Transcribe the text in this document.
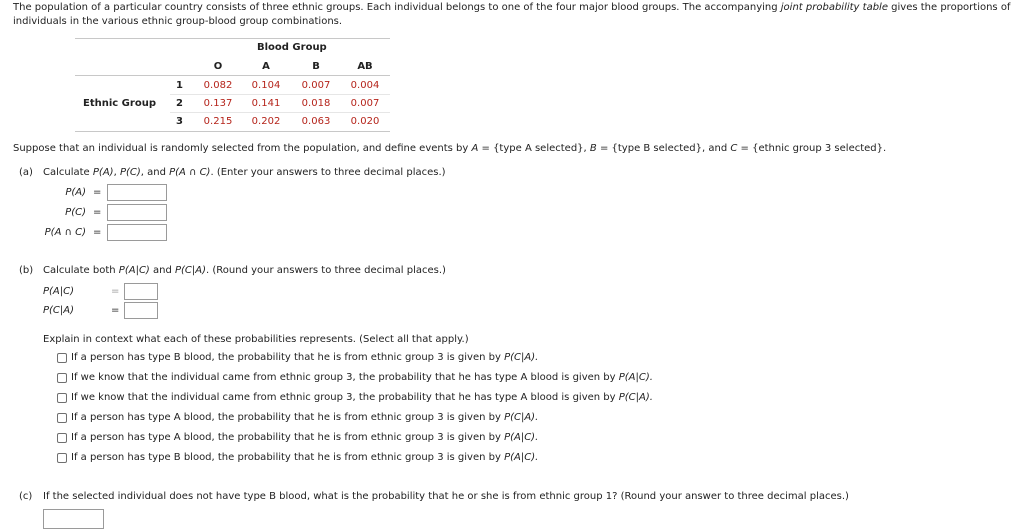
The population of a particular country consists of three ethnic groups. Each individual belongs to one of the four major blood groups. The accompanying joint probability table gives the proportions of individuals in the various ethnic group-blood group combinations.
Blood Group
O	A	B	AB
Ethnic Group
1	0.082	0.104	0.007	0.004
2	0.137	0.141	0.018	0.007
3	0.215	0.202	0.063	0.020
Suppose that an individual is randomly selected from the population, and define events by A = {type A selected}, B = {type B selected}, and C = {ethnic group 3 selected}.
(a) Calculate P(A), P(C), and P(A ∩ C). (Enter your answers to three decimal places.)
P(A) =
P(C) =
P(A ∩ C) =
(b) Calculate both P(A|C) and P(C|A). (Round your answers to three decimal places.)
P(A|C)	=
P(C|A)	=
Explain in context what each of these probabilities represents. (Select all that apply.)
If a person has type B blood, the probability that he is from ethnic group 3 is given by P(C|A).
If we know that the individual came from ethnic group 3, the probability that he has type A blood is given by P(A|C).
If we know that the individual came from ethnic group 3, the probability that he has type A blood is given by P(C|A).
If a person has type A blood, the probability that he is from ethnic group 3 is given by P(C|A).
If a person has type A blood, the probability that he is from ethnic group 3 is given by P(A|C).
If a person has type B blood, the probability that he is from ethnic group 3 is given by P(A|C).
(c) If the selected individual does not have type B blood, what is the probability that he or she is from ethnic group 1? (Round your answer to three decimal places.)
